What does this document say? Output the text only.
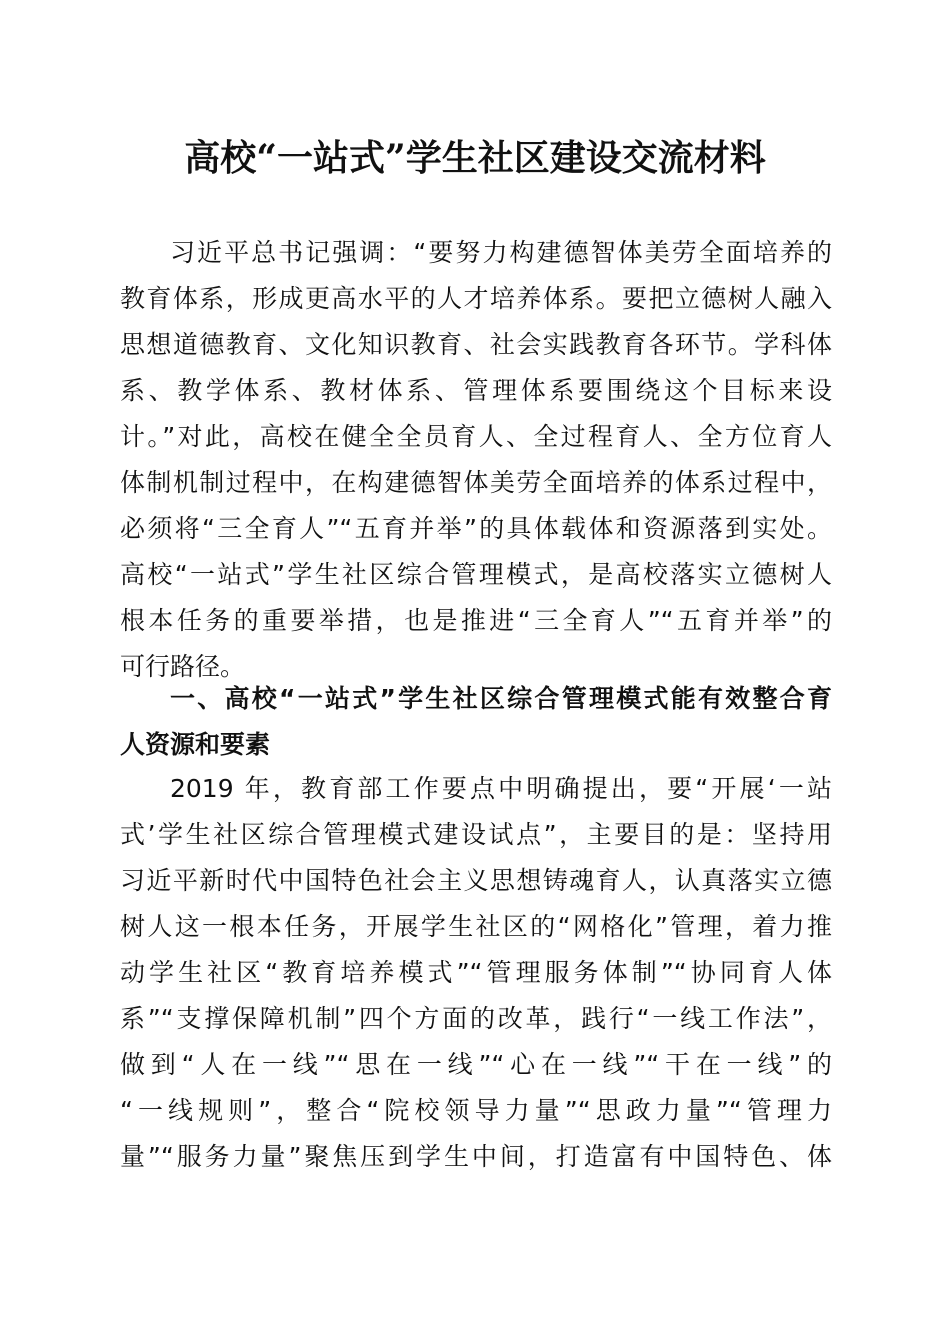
高校“一站式”学生社区建设交流材料
习近平总书记强调：“要努力构建德智体美劳全面培养的
教育体系，形成更高水平的人才培养体系。要把立德树人融入
思想道德教育、文化知识教育、社会实践教育各环节。学科体
系、教学体系、教材体系、管理体系要围绕这个目标来设
计。”对此，高校在健全全员育人、全过程育人、全方位育人
体制机制过程中，在构建德智体美劳全面培养的体系过程中，
必须将“三全育人”“五育并举”的具体载体和资源落到实处。
高校“一站式”学生社区综合管理模式，是高校落实立德树人
根本任务的重要举措，也是推进“三全育人”“五育并举”的
可行路径。
一、高校“一站式”学生社区综合管理模式能有效整合育
人资源和要素
2019 年，教育部工作要点中明确提出，要“开展‘一站
式’学生社区综合管理模式建设试点”，主要目的是：坚持用
习近平新时代中国特色社会主义思想铸魂育人，认真落实立德
树人这一根本任务，开展学生社区的“网格化”管理，着力推
动学生社区“教育培养模式”“管理服务体制”“协同育人体
系”“支撑保障机制”四个方面的改革，践行“一线工作法”，
做到“人在一线”“思在一线”“心在一线”“干在一线”的
“一线规则”，整合“院校领导力量”“思政力量”“管理力
量”“服务力量”聚焦压到学生中间，打造富有中国特色、体
